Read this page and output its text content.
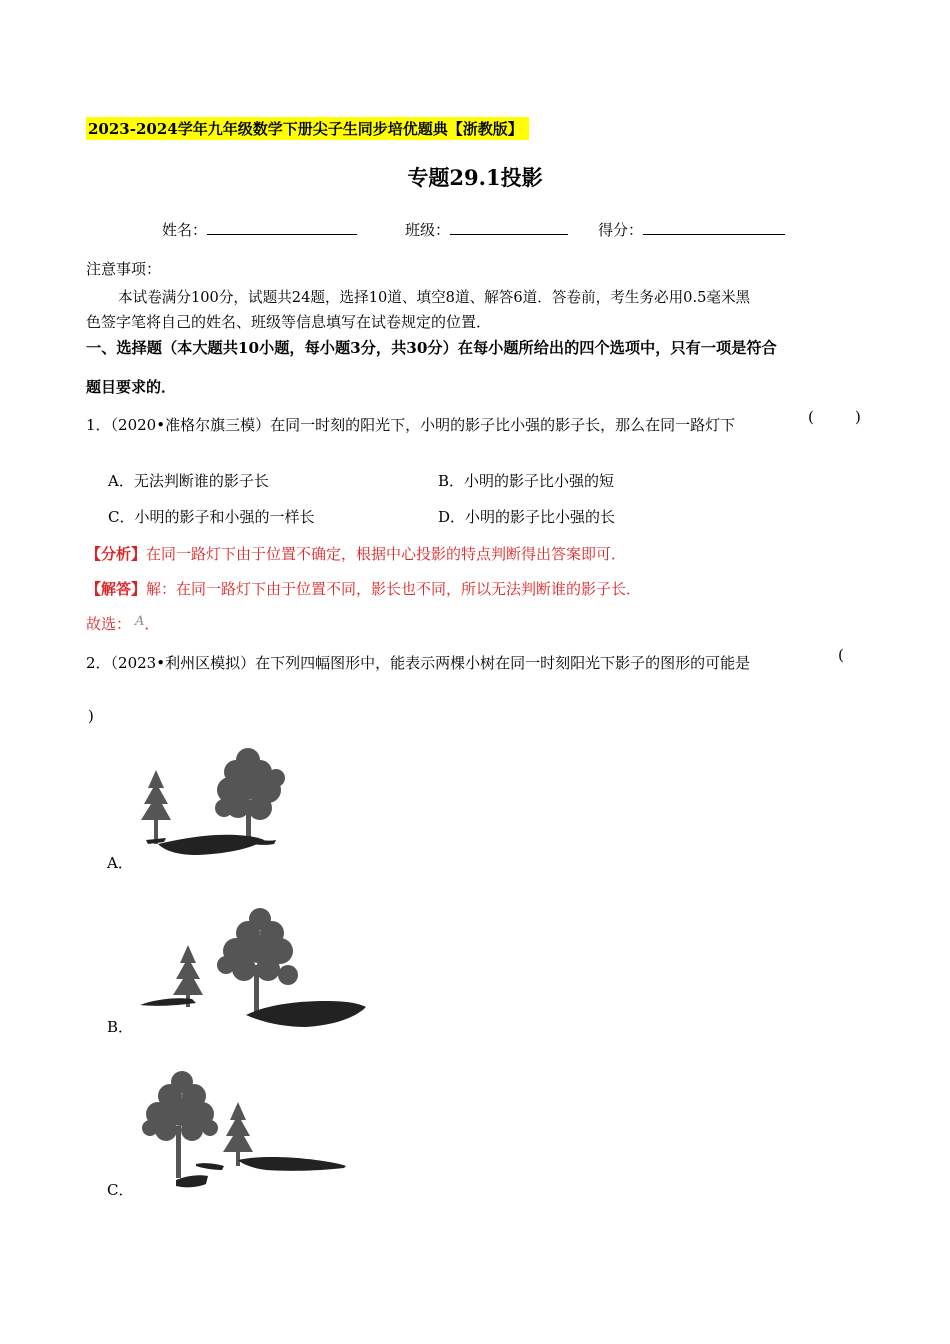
2023-2024学年九年级数学下册尖子生同步培优题典【浙教版】
专题29.1投影
姓名：	班级：	得分：
注意事项：
本试卷满分100分，试题共24题，选择10道、填空8道、解答6道．答卷前，考生务必用0.5毫米黑
色签字笔将自己的姓名、班级等信息填写在试卷规定的位置．
一、选择题（本大题共10小题，每小题3分，共30分）在每小题所给出的四个选项中，只有一项是符合
题目要求的．
1．（2020•准格尔旗三模）在同一时刻的阳光下，小明的影子比小强的影子长，那么在同一路灯下	(	)
A．无法判断谁的影子长	B．小明的影子比小强的短
C．小明的影子和小强的一样长	D．小明的影子比小强的长
【分析】在同一路灯下由于位置不确定，根据中心投影的特点判断得出答案即可．
【解答】解：在同一路灯下由于位置不同，影长也不同，所以无法判断谁的影子长．
故选： A．
2．（2023•利州区模拟）在下列四幅图形中，能表示两棵小树在同一时刻阳光下影子的图形的可能是	(
)
A．
B．
C．
